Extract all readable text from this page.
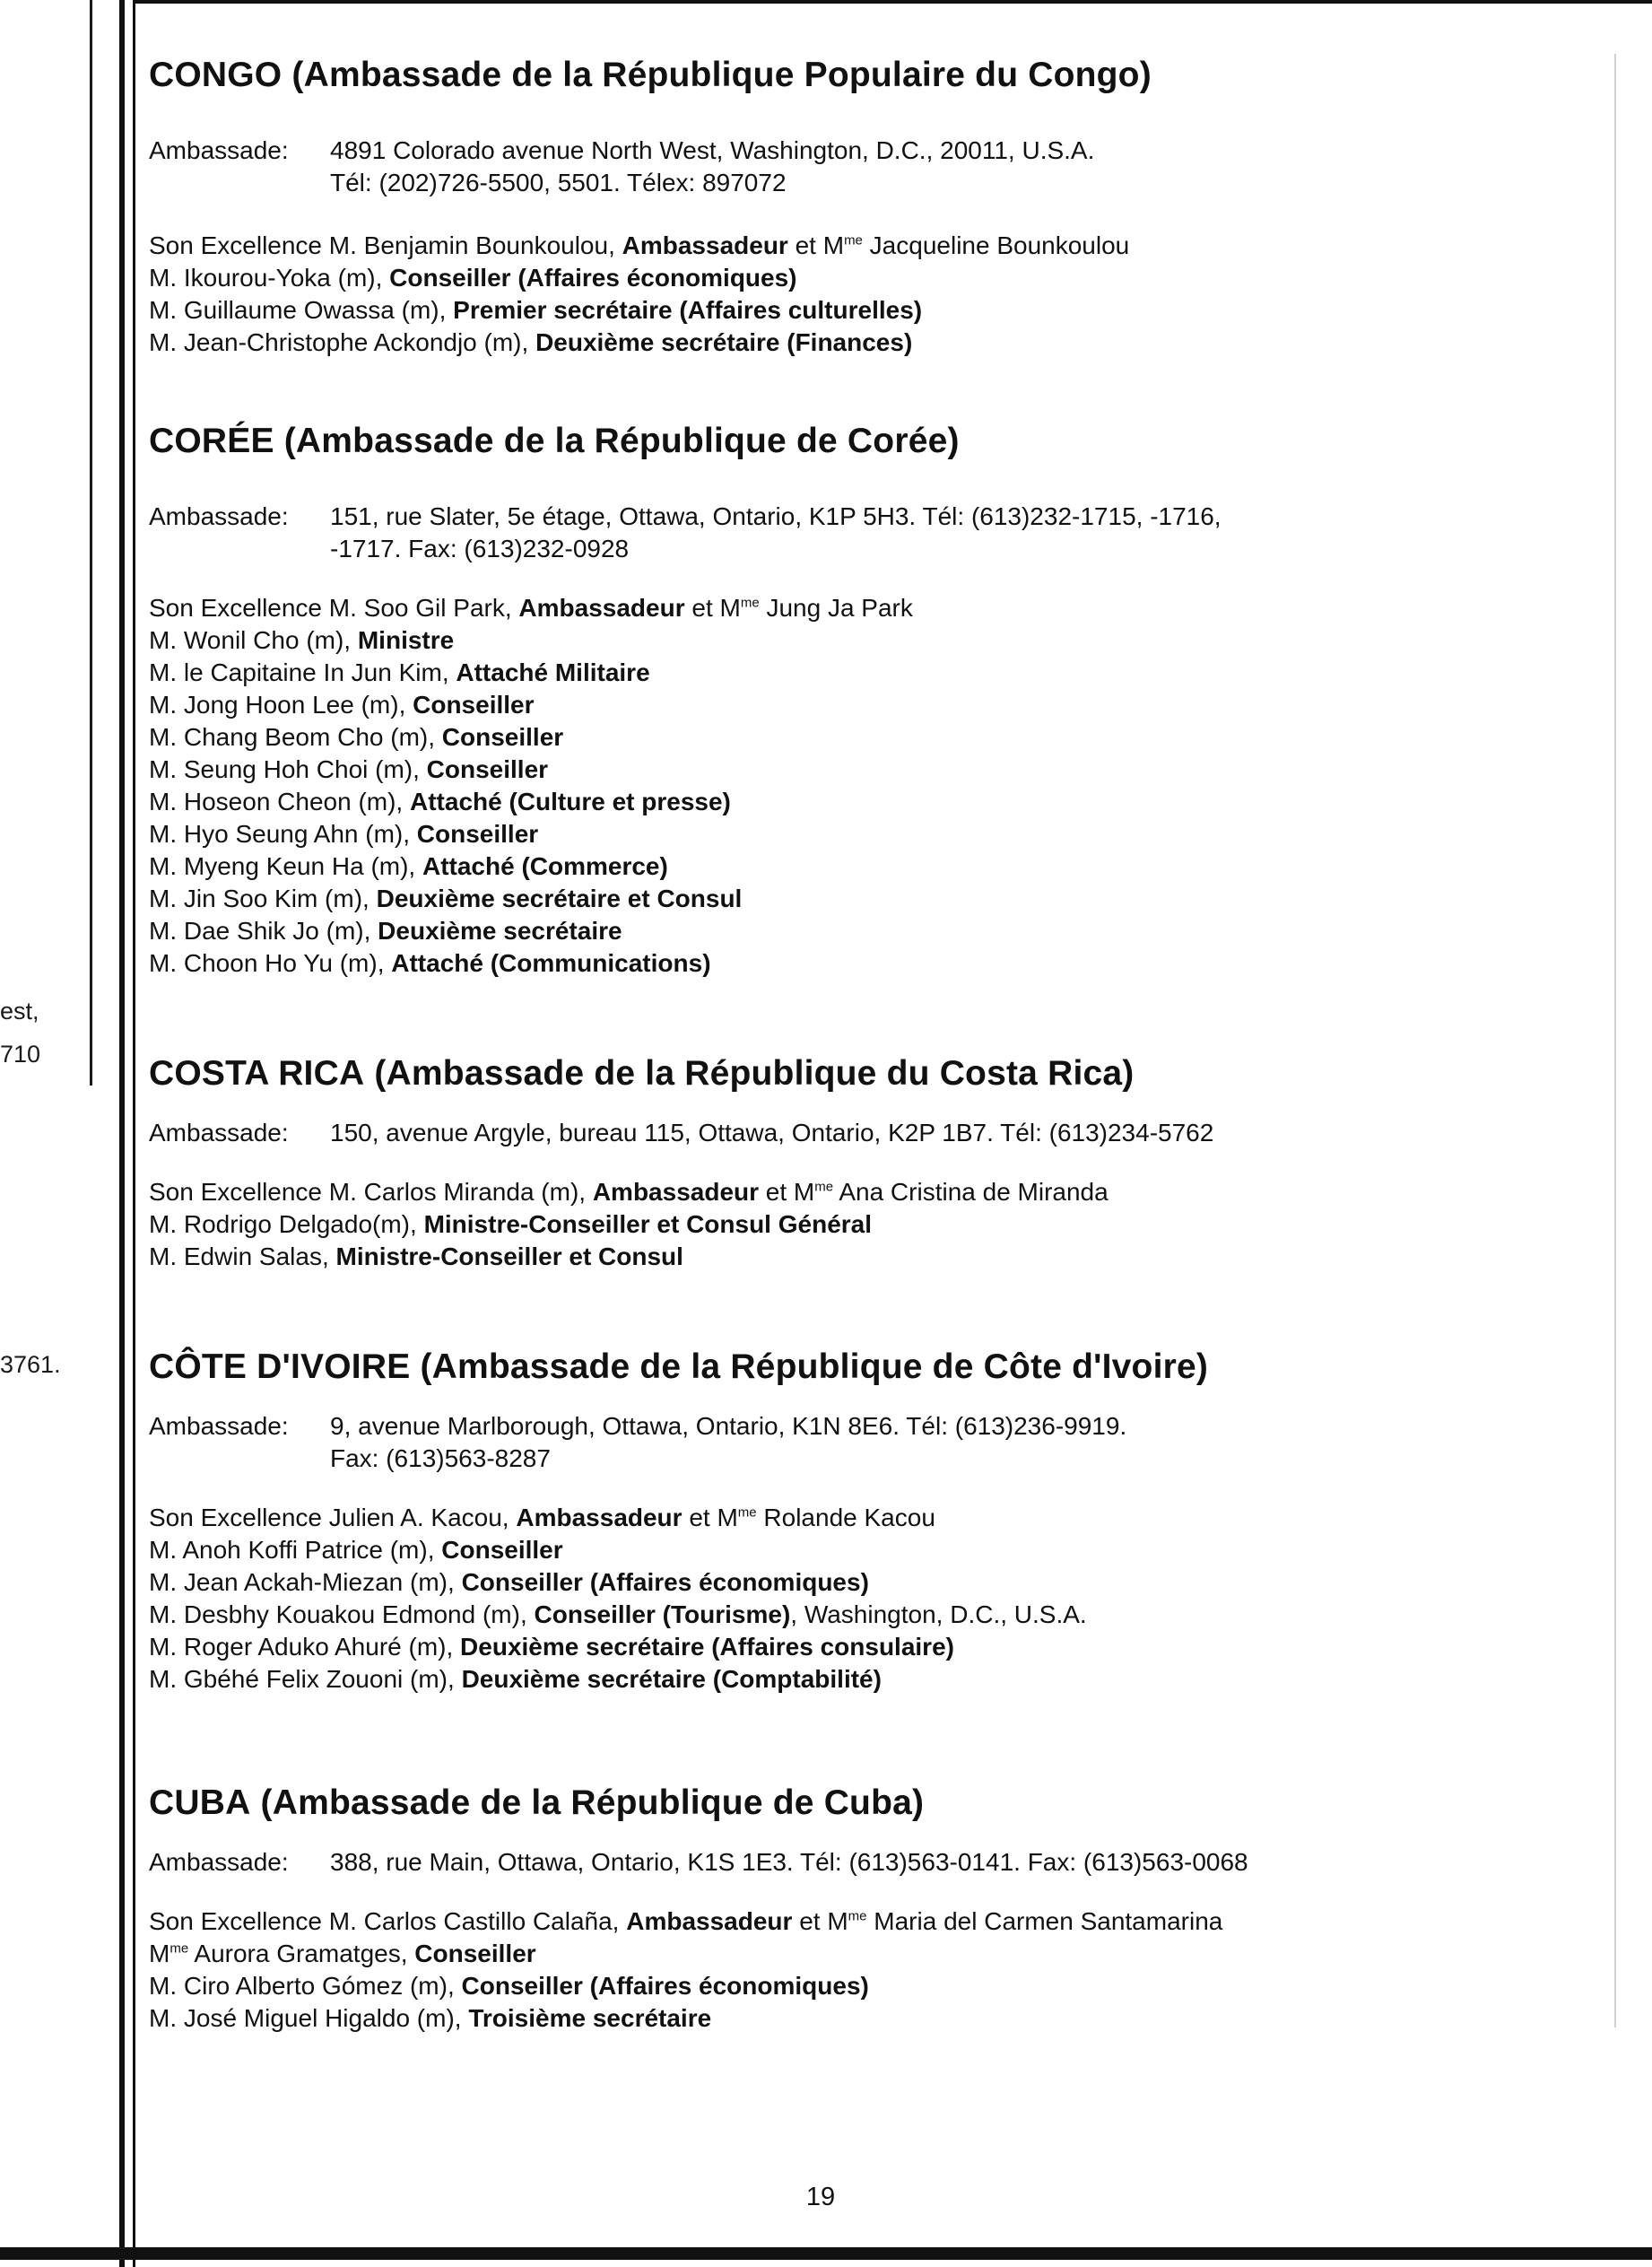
est,
710
3761.
CONGO (Ambassade de la République Populaire du Congo)
Ambassade:	4891 Colorado avenue North West, Washington, D.C., 20011, U.S.A.
Tél: (202)726-5500, 5501. Télex: 897072
Son Excellence M. Benjamin Bounkoulou, Ambassadeur et $M^{me}$ Jacqueline Bounkoulou
M. Ikourou-Yoka (m), Conseiller (Affaires économiques)
M. Guillaume Owassa (m), Premier secrétaire (Affaires culturelles)
M. Jean-Christophe Ackondjo (m), Deuxième secrétaire (Finances)
CORÉE (Ambassade de la République de Corée)
Ambassade:	151, rue Slater, 5e étage, Ottawa, Ontario, K1P 5H3. Tél: (613)232-1715, -1716,
-1717. Fax: (613)232-0928
Son Excellence M. Soo Gil Park, Ambassadeur et $M^{me}$ Jung Ja Park
M. Wonil Cho (m), Ministre
M. le Capitaine In Jun Kim, Attaché Militaire
M. Jong Hoon Lee (m), Conseiller
M. Chang Beom Cho (m), Conseiller
M. Seung Hoh Choi (m), Conseiller
M. Hoseon Cheon (m), Attaché (Culture et presse)
M. Hyo Seung Ahn (m), Conseiller
M. Myeng Keun Ha (m), Attaché (Commerce)
M. Jin Soo Kim (m), Deuxième secrétaire et Consul
M. Dae Shik Jo (m), Deuxième secrétaire
M. Choon Ho Yu (m), Attaché (Communications)
COSTA RICA (Ambassade de la République du Costa Rica)
Ambassade:	150, avenue Argyle, bureau 115, Ottawa, Ontario, K2P 1B7. Tél: (613)234-5762
Son Excellence M. Carlos Miranda (m), Ambassadeur et $M^{me}$ Ana Cristina de Miranda
M. Rodrigo Delgado(m), Ministre-Conseiller et Consul Général
M. Edwin Salas, Ministre-Conseiller et Consul
CÔTE D'IVOIRE (Ambassade de la République de Côte d'Ivoire)
Ambassade:	9, avenue Marlborough, Ottawa, Ontario, K1N 8E6. Tél: (613)236-9919.
Fax: (613)563-8287
Son Excellence Julien A. Kacou, Ambassadeur et $M^{me}$ Rolande Kacou
M. Anoh Koffi Patrice (m), Conseiller
M. Jean Ackah-Miezan (m), Conseiller (Affaires économiques)
M. Desbhy Kouakou Edmond (m), Conseiller (Tourisme), Washington, D.C., U.S.A.
M. Roger Aduko Ahuré (m), Deuxième secrétaire (Affaires consulaire)
M. Gbéhé Felix Zouoni (m), Deuxième secrétaire (Comptabilité)
CUBA (Ambassade de la République de Cuba)
Ambassade:	388, rue Main, Ottawa, Ontario, K1S 1E3. Tél: (613)563-0141. Fax: (613)563-0068
Son Excellence M. Carlos Castillo Calaña, Ambassadeur et $M^{me}$ Maria del Carmen Santamarina
$M^{me}$ Aurora Gramatges, Conseiller
M. Ciro Alberto Gómez (m), Conseiller (Affaires économiques)
M. José Miguel Higaldo (m), Troisième secrétaire
19
